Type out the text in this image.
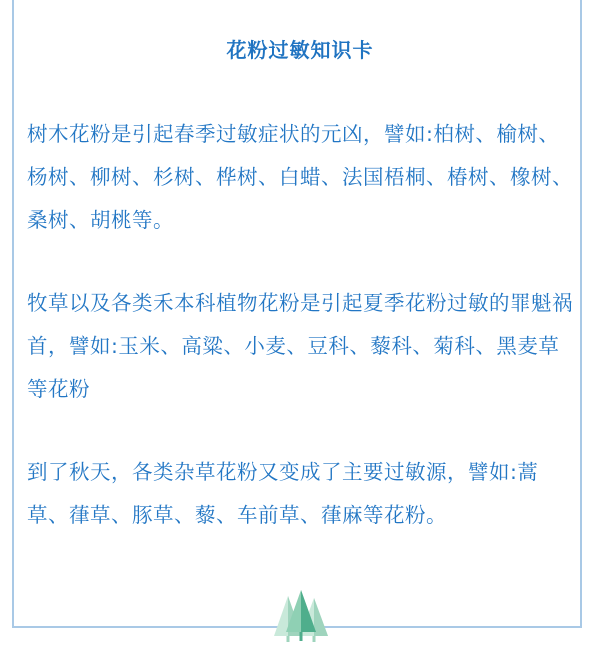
花粉过敏知识卡

树木花粉是引起春季过敏症状的元凶，譬如:柏树、榆树、杨树、柳树、杉树、桦树、白蜡、法国梧桐、椿树、橡树、桑树、胡桃等。

牧草以及各类禾本科植物花粉是引起夏季花粉过敏的罪魁祸首，譬如:玉米、高粱、小麦、豆科、藜科、菊科、黑麦草等花粉

到了秋天，各类杂草花粉又变成了主要过敏源，譬如:蒿草、葎草、豚草、藜、车前草、葎麻等花粉。
